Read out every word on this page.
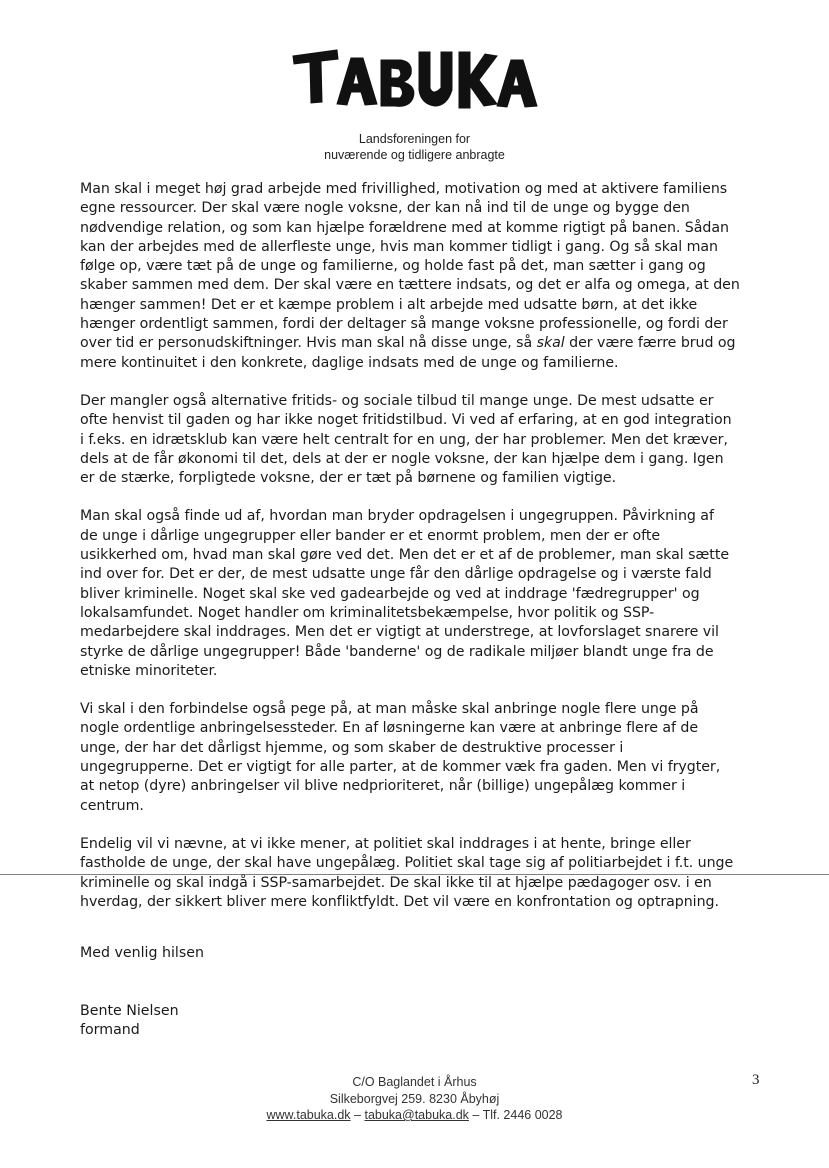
Landsforeningen for
nuværende og tidligere anbragte

Man skal i meget høj grad arbejde med frivillighed, motivation og med at aktivere familiens
egne ressourcer. Der skal være nogle voksne, der kan nå ind til de unge og bygge den
nødvendige relation, og som kan hjælpe forældrene med at komme rigtigt på banen. Sådan
kan der arbejdes med de allerfleste unge, hvis man kommer tidligt i gang. Og så skal man
følge op, være tæt på de unge og familierne, og holde fast på det, man sætter i gang og
skaber sammen med dem. Der skal være en tættere indsats, og det er alfa og omega, at den
hænger sammen! Det er et kæmpe problem i alt arbejde med udsatte børn, at det ikke
hænger ordentligt sammen, fordi der deltager så mange voksne professionelle, og fordi der
over tid er personudskiftninger. Hvis man skal nå disse unge, så skal der være færre brud og
mere kontinuitet i den konkrete, daglige indsats med de unge og familierne.

Der mangler også alternative fritids- og sociale tilbud til mange unge. De mest udsatte er
ofte henvist til gaden og har ikke noget fritidstilbud. Vi ved af erfaring, at en god integration
i f.eks. en idrætsklub kan være helt centralt for en ung, der har problemer. Men det kræver,
dels at de får økonomi til det, dels at der er nogle voksne, der kan hjælpe dem i gang. Igen
er de stærke, forpligtede voksne, der er tæt på børnene og familien vigtige.

Man skal også finde ud af, hvordan man bryder opdragelsen i ungegruppen. Påvirkning af
de unge i dårlige ungegrupper eller bander er et enormt problem, men der er ofte
usikkerhed om, hvad man skal gøre ved det. Men det er et af de problemer, man skal sætte
ind over for. Det er der, de mest udsatte unge får den dårlige opdragelse og i værste fald
bliver kriminelle. Noget skal ske ved gadearbejde og ved at inddrage 'fædregrupper' og
lokalsamfundet. Noget handler om kriminalitetsbekæmpelse, hvor politik og SSP-
medarbejdere skal inddrages. Men det er vigtigt at understrege, at lovforslaget snarere vil
styrke de dårlige ungegrupper! Både 'banderne' og de radikale miljøer blandt unge fra de
etniske minoriteter.

Vi skal i den forbindelse også pege på, at man måske skal anbringe nogle flere unge på
nogle ordentlige anbringelsessteder. En af løsningerne kan være at anbringe flere af de
unge, der har det dårligst hjemme, og som skaber de destruktive processer i
ungegrupperne. Det er vigtigt for alle parter, at de kommer væk fra gaden. Men vi frygter,
at netop (dyre) anbringelser vil blive nedprioriteret, når (billige) ungepålæg kommer i
centrum.

Endelig vil vi nævne, at vi ikke mener, at politiet skal inddrages i at hente, bringe eller
fastholde de unge, der skal have ungepålæg. Politiet skal tage sig af politiarbejdet i f.t. unge
kriminelle og skal indgå i SSP-samarbejdet. De skal ikke til at hjælpe pædagoger osv. i en
hverdag, der sikkert bliver mere konfliktfyldt. Det vil være en konfrontation og optrapning.

Med venlig hilsen
Bente Nielsen
formand
C/O Baglandet i Århus
Silkeborgvej 259. 8230 Åbyhøj
www.tabuka.dk – tabuka@tabuka.dk – Tlf. 2446 0028
3
